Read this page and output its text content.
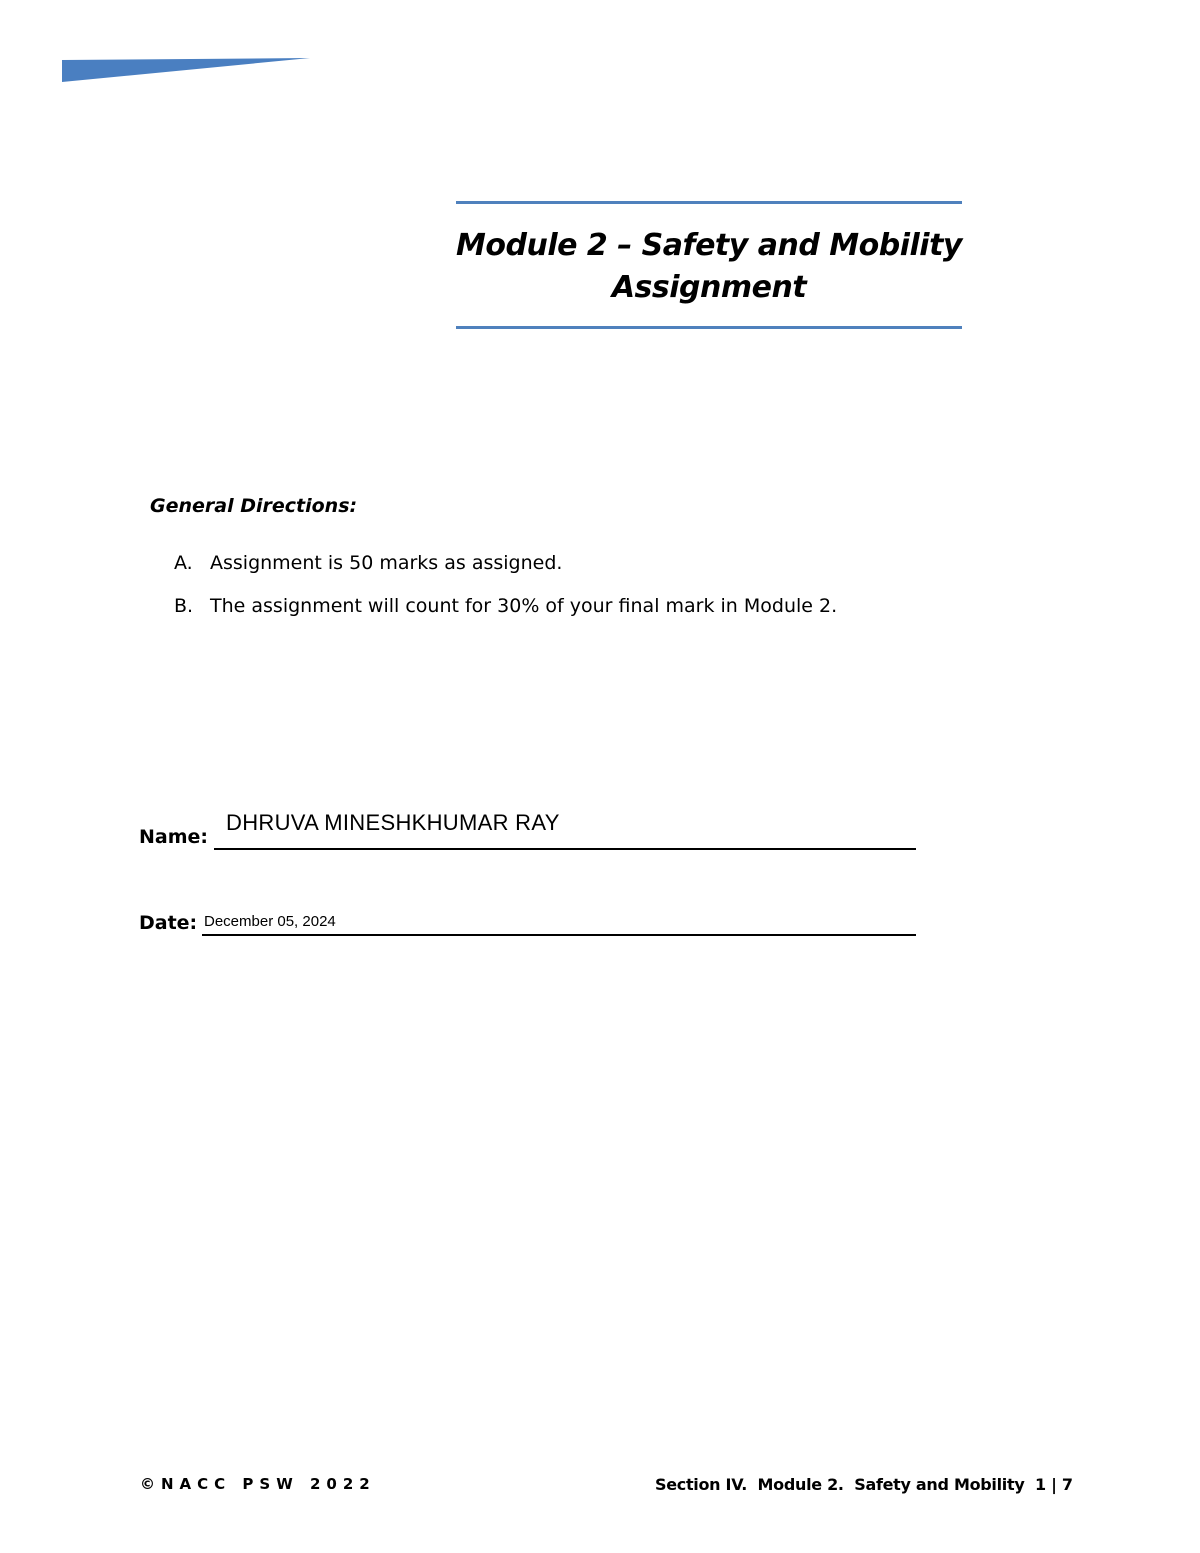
Module 2 – Safety and Mobility
Assignment
General Directions:
A. Assignment is 50 marks as assigned.
B. The assignment will count for 30% of your final mark in Module 2.
Name:
DHRUVA MINESHKHUMAR RAY
Date: December 05, 2024
©NACC PSW 2022	Section IV.  Module 2.  Safety and Mobility  1 | 7
